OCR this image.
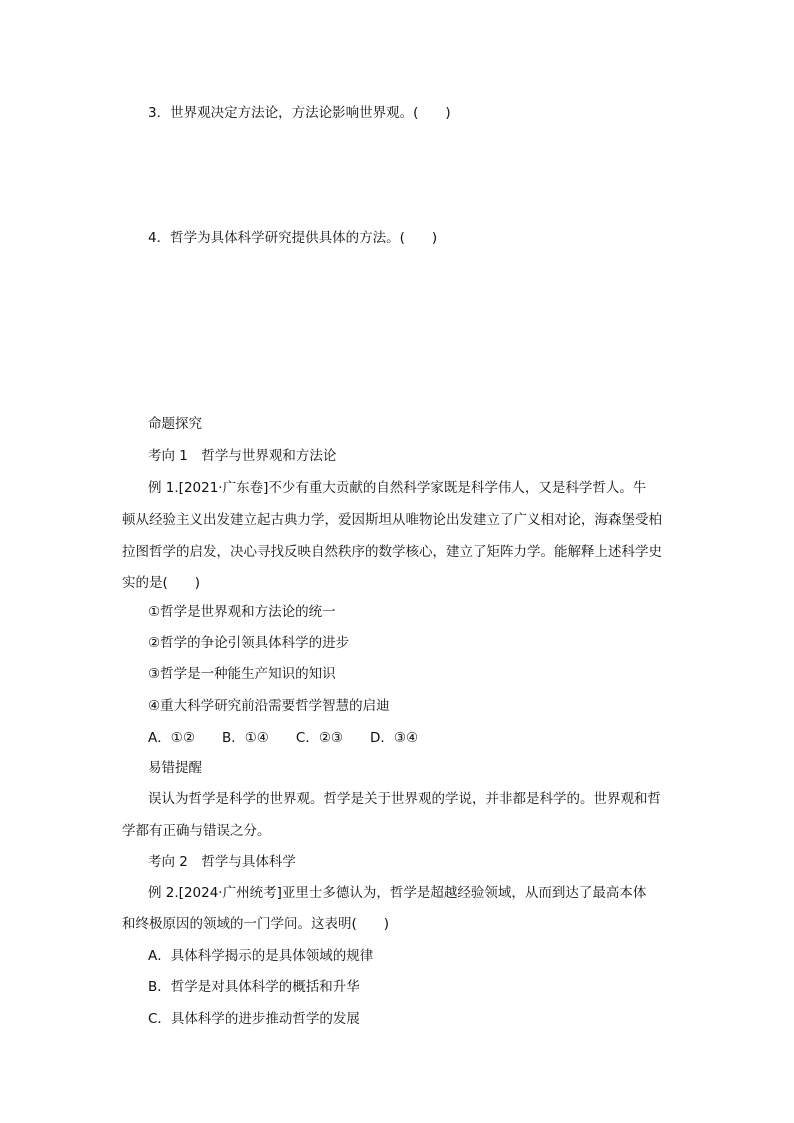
3．世界观决定方法论，方法论影响世界观。(　　)
4．哲学为具体科学研究提供具体的方法。(　　)
命题探究
考向 1　哲学与世界观和方法论
例 1.[2021·广东卷]不少有重大贡献的自然科学家既是科学伟人，又是科学哲人。牛
顿从经验主义出发建立起古典力学，爱因斯坦从唯物论出发建立了广义相对论，海森堡受柏
拉图哲学的启发，决心寻找反映自然秩序的数学核心，建立了矩阵力学。能解释上述科学史
实的是(　　)
①哲学是世界观和方法论的统一
②哲学的争论引领具体科学的进步
③哲学是一种能生产知识的知识
④重大科学研究前沿需要哲学智慧的启迪
A．①②　　B．①④　　C．②③　　D．③④
易错提醒
误认为哲学是科学的世界观。哲学是关于世界观的学说，并非都是科学的。世界观和哲
学都有正确与错误之分。
考向 2　哲学与具体科学
例 2.[2024·广州统考]亚里士多德认为，哲学是超越经验领域，从而到达了最高本体
和终极原因的领域的一门学问。这表明(　　)
A．具体科学揭示的是具体领域的规律
B．哲学是对具体科学的概括和升华
C．具体科学的进步推动哲学的发展
